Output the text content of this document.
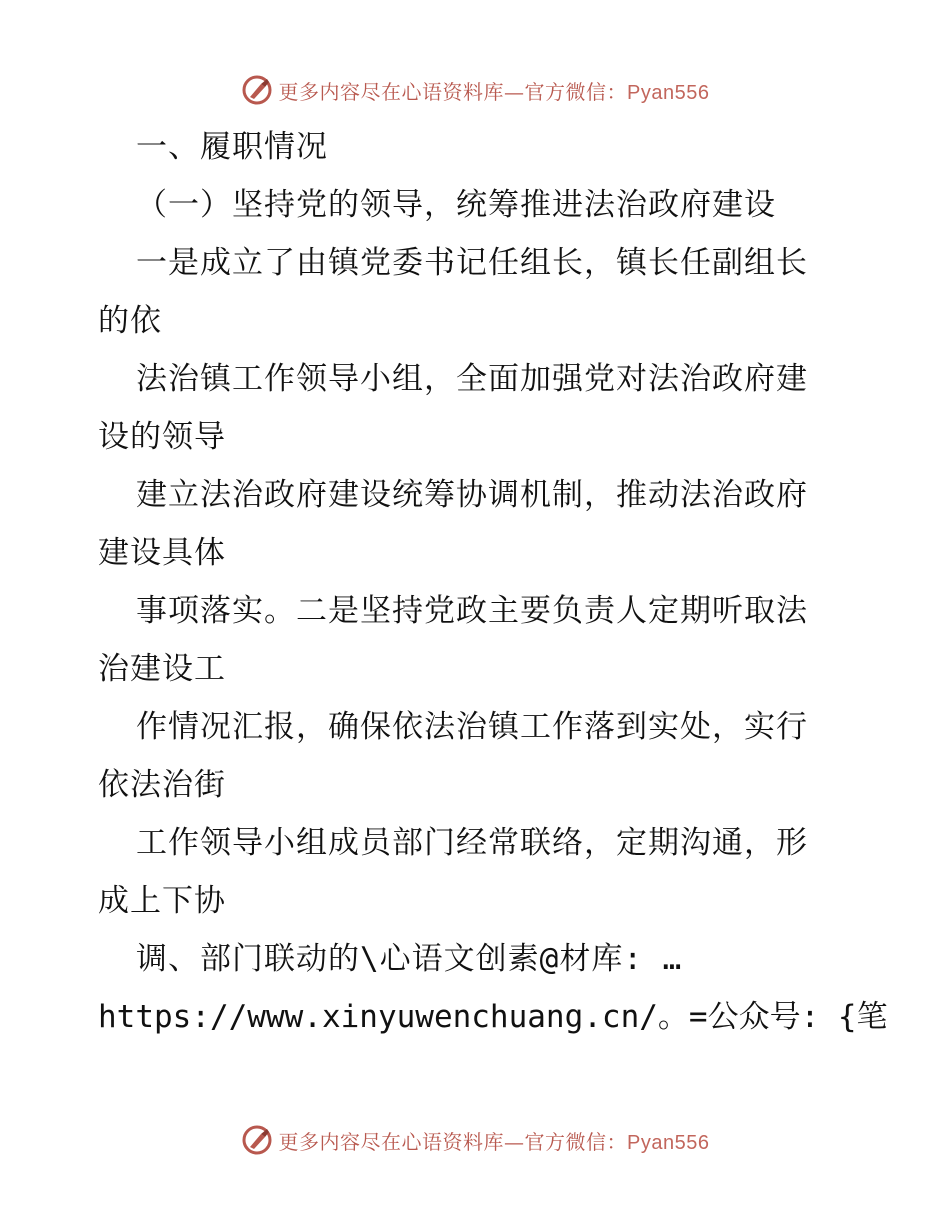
更多内容尽在心语资料库—官方微信：Pyan556
一、履职情况
（一）坚持党的领导，统筹推进法治政府建设
一是成立了由镇党委书记任组长，镇长任副组长
的依
法治镇工作领导小组，全面加强党对法治政府建
设的领导
建立法治政府建设统筹协调机制，推动法治政府
建设具体
事项落实。二是坚持党政主要负责人定期听取法
治建设工
作情况汇报，确保依法治镇工作落到实处，实行
依法治街
工作领导小组成员部门经常联络，定期沟通，形
成上下协
调、部门联动的\心语文创素@材库: …
https://www.xinyuwenchuang.cn/。=公众号: {笔
更多内容尽在心语资料库—官方微信：Pyan556
